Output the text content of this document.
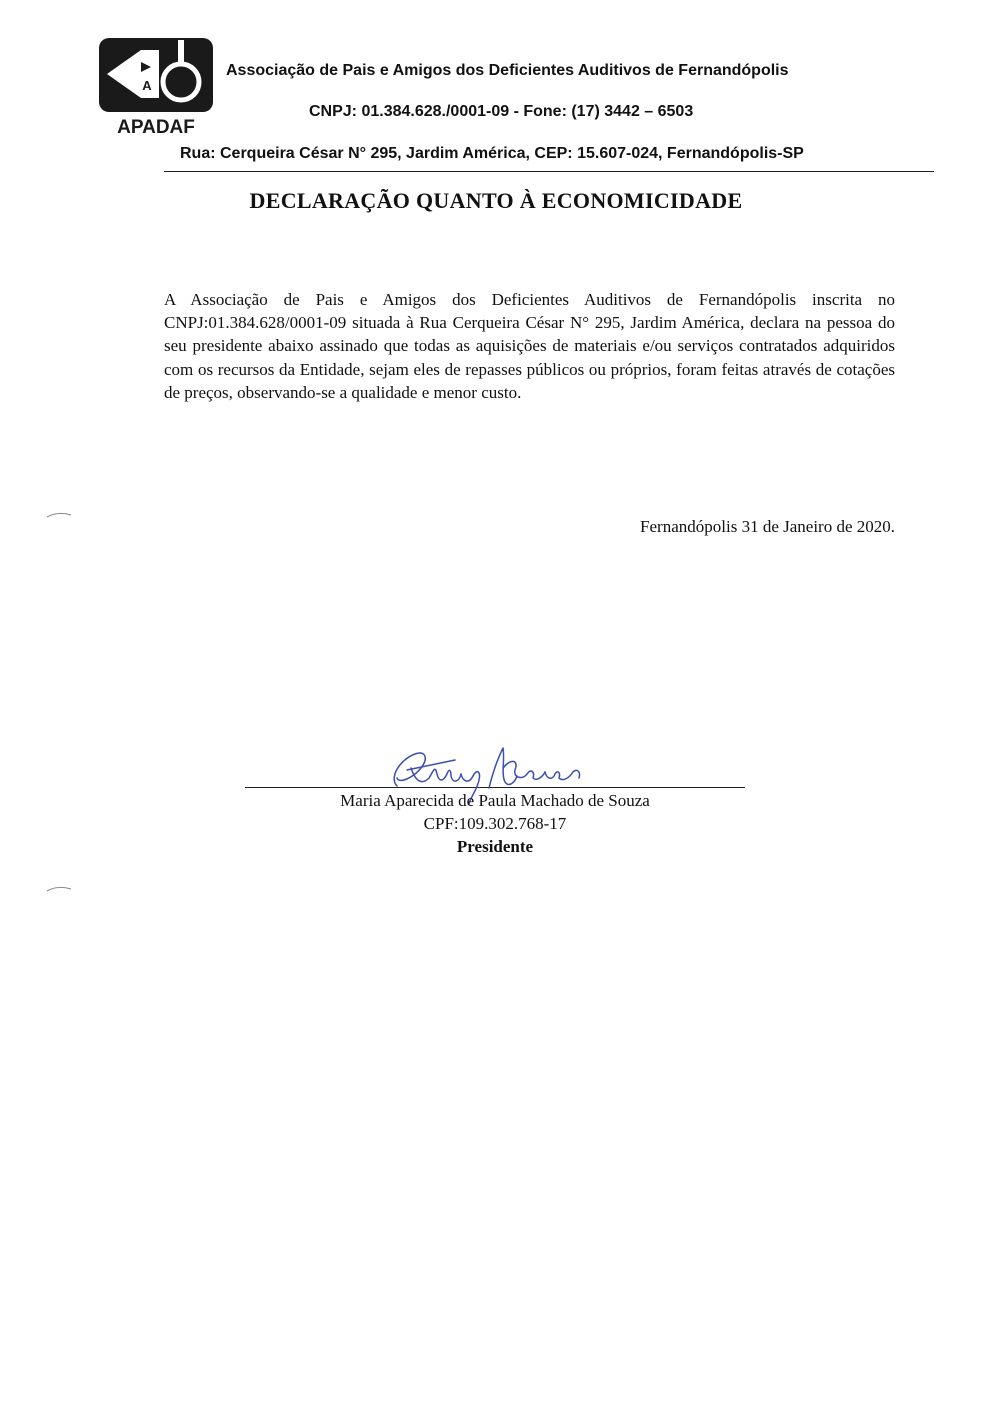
A
APADAF
Associação de Pais e Amigos dos Deficientes Auditivos de Fernandópolis
CNPJ: 01.384.628./0001-09 - Fone: (17) 3442 – 6503
Rua: Cerqueira César N° 295, Jardim América, CEP: 15.607-024, Fernandópolis-SP
DECLARAÇÃO QUANTO À ECONOMICIDADE
A Associação de Pais e Amigos dos Deficientes Auditivos de Fernandópolis inscrita no CNPJ:01.384.628/0001-09 situada à Rua Cerqueira César N° 295, Jardim América, declara na pessoa do seu presidente abaixo assinado que todas as aquisições de materiais e/ou serviços contratados adquiridos com os recursos da Entidade, sejam eles de repasses públicos ou próprios, foram feitas através de cotações de preços, observando-se a qualidade e menor custo.
Fernandópolis 31 de Janeiro de 2020.
Maria Aparecida de Paula Machado de Souza
CPF:109.302.768-17
Presidente
